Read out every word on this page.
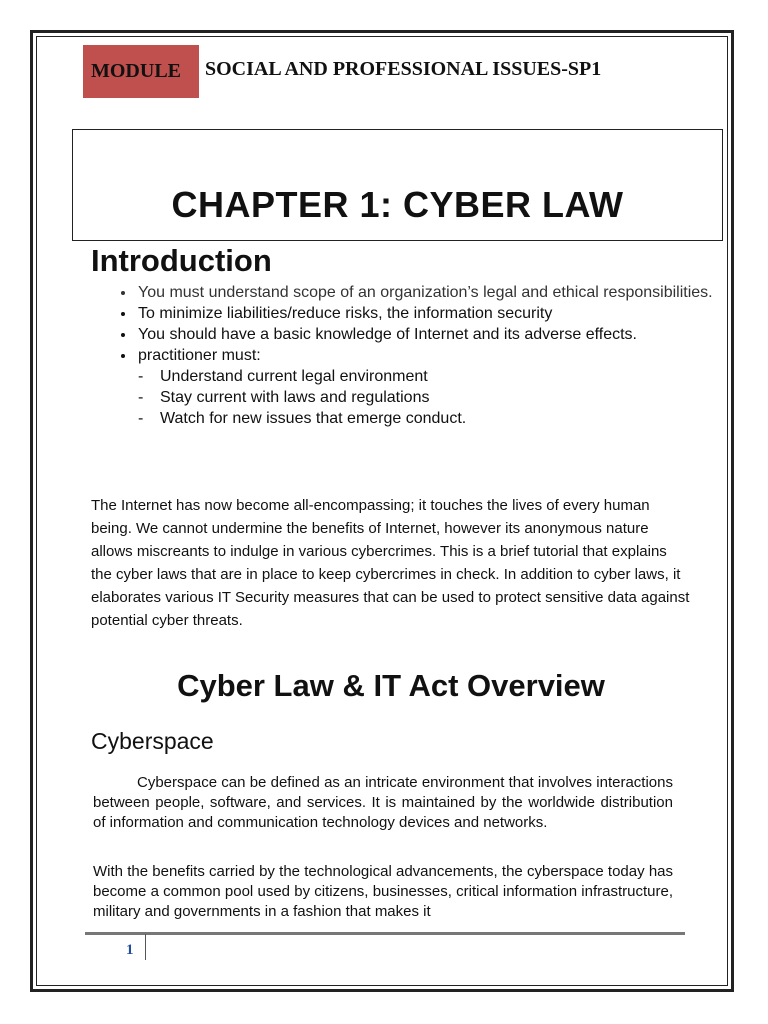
MODULE	SOCIAL AND PROFESSIONAL ISSUES-SP1
CHAPTER 1: CYBER LAW
Introduction
• You must understand scope of an organization’s legal and ethical responsibilities.
• To minimize liabilities/reduce risks, the information security
• You should have a basic knowledge of Internet and its adverse effects.
• practitioner must:
- Understand current legal environment
- Stay current with laws and regulations
- Watch for new issues that emerge conduct.

The Internet has now become all-encompassing; it touches the lives of every human being. We cannot undermine the benefits of Internet, however its anonymous nature allows miscreants to indulge in various cybercrimes. This is a brief tutorial that explains the cyber laws that are in place to keep cybercrimes in check. In addition to cyber laws, it elaborates various IT Security measures that can be used to protect sensitive data against potential cyber threats.

Cyber Law & IT Act Overview
Cyberspace

Cyberspace can be defined as an intricate environment that involves interactions between people, software, and services. It is maintained by the worldwide distribution of information and communication technology devices and networks.

With the benefits carried by the technological advancements, the cyberspace today has become a common pool used by citizens, businesses, critical information infrastructure, military and governments in a fashion that makes it

1
